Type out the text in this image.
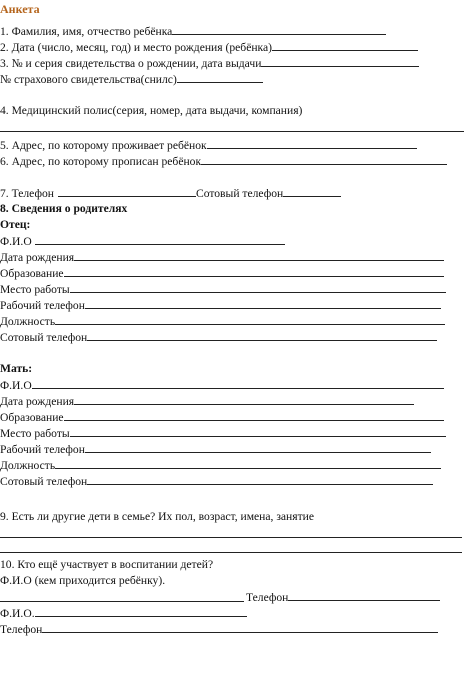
Анкета
1. Фамилия, имя, отчество ребёнка
2. Дата (число, месяц, год) и место рождения (ребёнка)
3. № и серия свидетельства о рождении, дата выдачи
№ страхового свидетельства(снилс)
4. Медицинский полис(серия, номер, дата выдачи, компания)
5. Адрес, по которому проживает ребёнок
6. Адрес, по которому прописан ребёнок
7. Телефон	Сотовый телефон
8. Сведения о родителях
Отец:
Ф.И.О
Дата рождения
Образование
Место работы
Рабочий телефон
Должность
Сотовый телефон
Мать:
Ф.И.О
Дата рождения
Образование
Место работы
Рабочий телефон
Должность
Сотовый телефон
9. Есть ли другие дети в семье? Их пол, возраст, имена, занятие
10. Кто ещё участвует в воспитании детей?
Ф.И.О (кем приходится ребёнку).
Телефон
Ф.И.О.
Телефон
